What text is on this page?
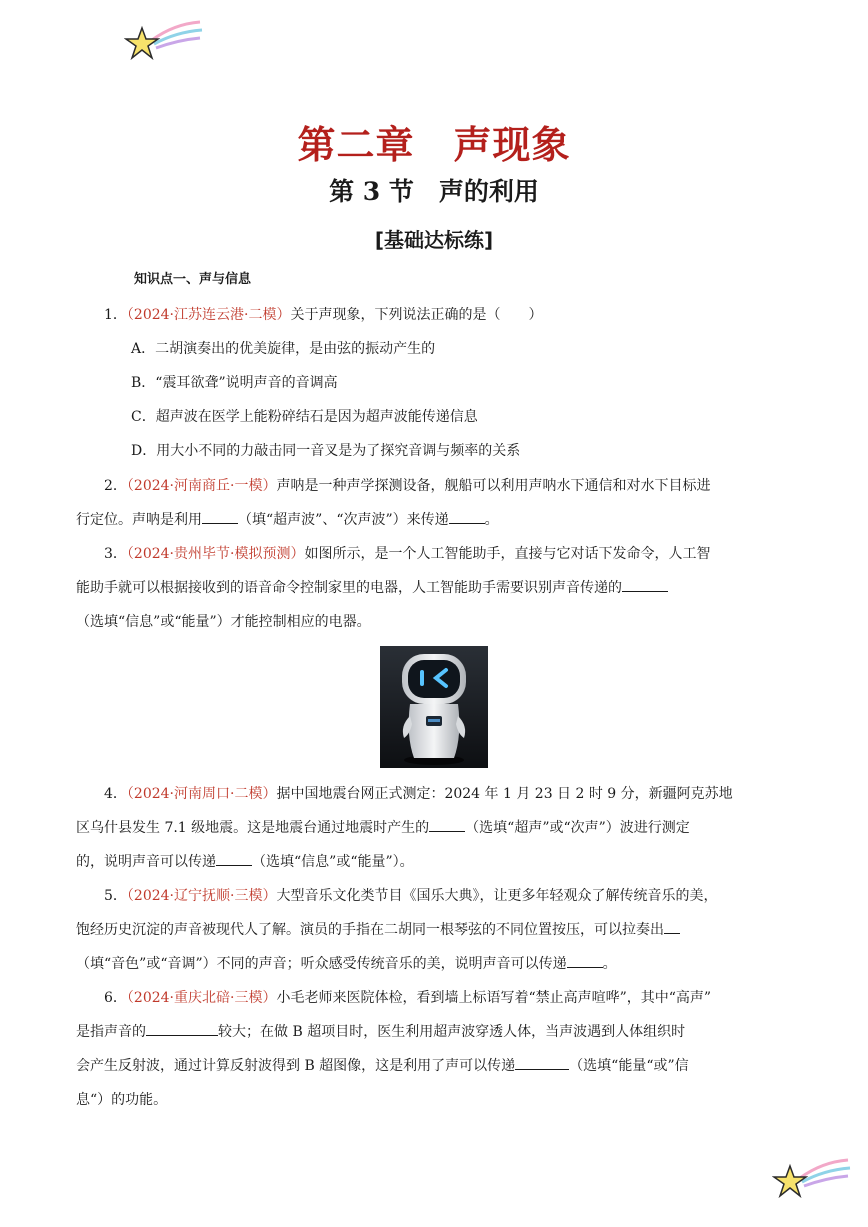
第二章　声现象
第 3 节　声的利用
[基础达标练]
知识点一、声与信息

1．（2024·江苏连云港·二模）关于声现象，下列说法正确的是（　　）

A．二胡演奏出的优美旋律，是由弦的振动产生的
B．“震耳欲聋”说明声音的音调高
C．超声波在医学上能粉碎结石是因为超声波能传递信息
D．用大小不同的力敲击同一音叉是为了探究音调与频率的关系

2．（2024·河南商丘·一模）声呐是一种声学探测设备，舰船可以利用声呐水下通信和对水下目标进

行定位。声呐是利用	（填“超声波”、“次声波”）来传递	。

3．（2024·贵州毕节·模拟预测）如图所示，是一个人工智能助手，直接与它对话下发命令，人工智

能助手就可以根据接收到的语音命令控制家里的电器，人工智能助手需要识别声音传递的

（选填“信息”或“能量”）才能控制相应的电器。

4．（2024·河南周口·二模）据中国地震台网正式测定：2024 年 1 月 23 日 2 时 9 分，新疆阿克苏地

区乌什县发生 7.1 级地震。这是地震台通过地震时产生的	（选填“超声”或“次声”）波进行测定

的，说明声音可以传递	（选填“信息”或“能量”）。

5．（2024·辽宁抚顺·三模）大型音乐文化类节目《国乐大典》，让更多年轻观众了解传统音乐的美，

饱经历史沉淀的声音被现代人了解。演员的手指在二胡同一根琴弦的不同位置按压，可以拉奏出

（填“音色”或“音调”）不同的声音；听众感受传统音乐的美，说明声音可以传递	。

6．（2024·重庆北碚·三模）小毛老师来医院体检，看到墙上标语写着“禁止高声喧哗”，其中“高声”

是指声音的	较大；在做 B 超项目时，医生利用超声波穿透人体，当声波遇到人体组织时

会产生反射波，通过计算反射波得到 B 超图像，这是利用了声可以传递	（选填“能量“或”信

息“）的功能。
